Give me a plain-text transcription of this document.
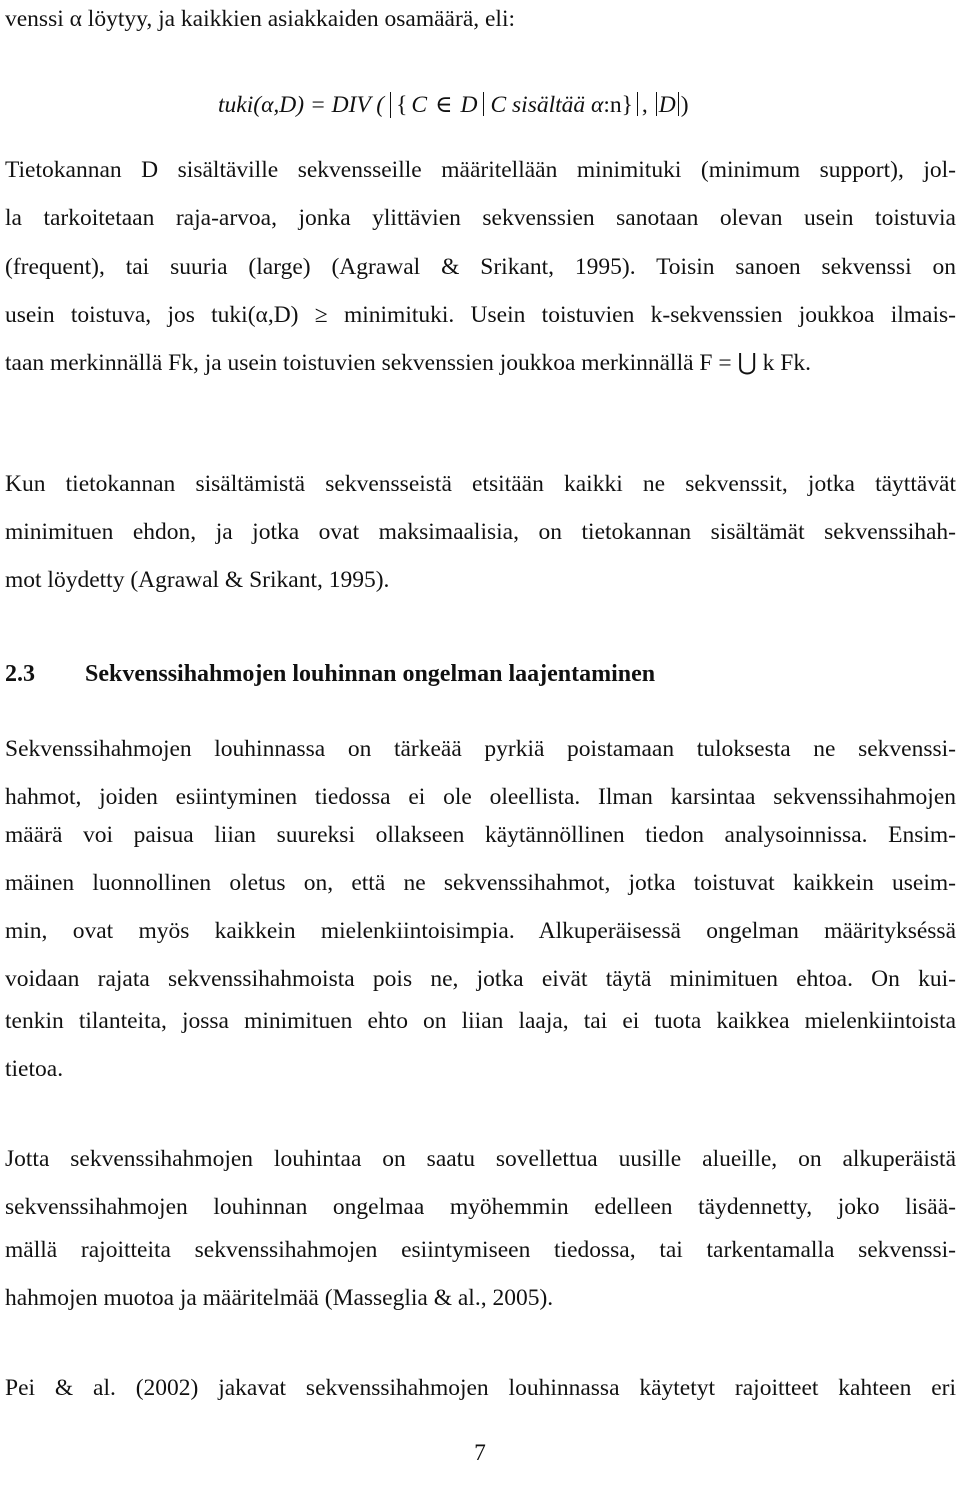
venssi α löytyy, ja kaikkien asiakkaiden osamäärä, eli:

tuki(α,D) = DIV ( { C ∈ D C sisältää α:n} , D )

Tietokannan D sisältäville sekvensseille määritellään minimituki (minimum support), jol-

la tarkoitetaan raja-arvoa, jonka ylittävien sekvenssien sanotaan olevan usein toistuvia

(frequent), tai suuria (large) (Agrawal & Srikant, 1995). Toisin sanoen sekvenssi on

usein toistuva, jos tuki(α,D) ≥ minimituki. Usein toistuvien k-sekvenssien joukkoa ilmais-

taan merkinnällä Fk, ja usein toistuvien sekvenssien joukkoa merkinnällä F = ⋃ k Fk.

Kun tietokannan sisältämistä sekvensseistä etsitään kaikki ne sekvenssit, jotka täyttävät

minimituen ehdon, ja jotka ovat maksimaalisia, on tietokannan sisältämät sekvenssihah-

mot löydetty (Agrawal & Srikant, 1995).

2.3 Sekvenssihahmojen louhinnan ongelman laajentaminen

Sekvenssihahmojen louhinnassa on tärkeää pyrkiä poistamaan tuloksesta ne sekvenssi-

hahmot, joiden esiintyminen tiedossa ei ole oleellista. Ilman karsintaa sekvenssihahmojen

määrä voi paisua liian suureksi ollakseen käytännöllinen tiedon analysoinnissa. Ensim-

mäinen luonnollinen oletus on, että ne sekvenssihahmot, jotka toistuvat kaikkein useim-

min, ovat myös kaikkein mielenkiintoisimpia. Alkuperäisessä ongelman määritykséssä

voidaan rajata sekvenssihahmoista pois ne, jotka eivät täytä minimituen ehtoa. On kui-

tenkin tilanteita, jossa minimituen ehto on liian laaja, tai ei tuota kaikkea mielenkiintoista

tietoa.

Jotta sekvenssihahmojen louhintaa on saatu sovellettua uusille alueille, on alkuperäistä

sekvenssihahmojen louhinnan ongelmaa myöhemmin edelleen täydennetty, joko lisää-

mällä rajoitteita sekvenssihahmojen esiintymiseen tiedossa, tai tarkentamalla sekvenssi-

hahmojen muotoa ja määritelmää (Masseglia & al., 2005).

Pei & al. (2002) jakavat sekvenssihahmojen louhinnassa käytetyt rajoitteet kahteen eri

7
